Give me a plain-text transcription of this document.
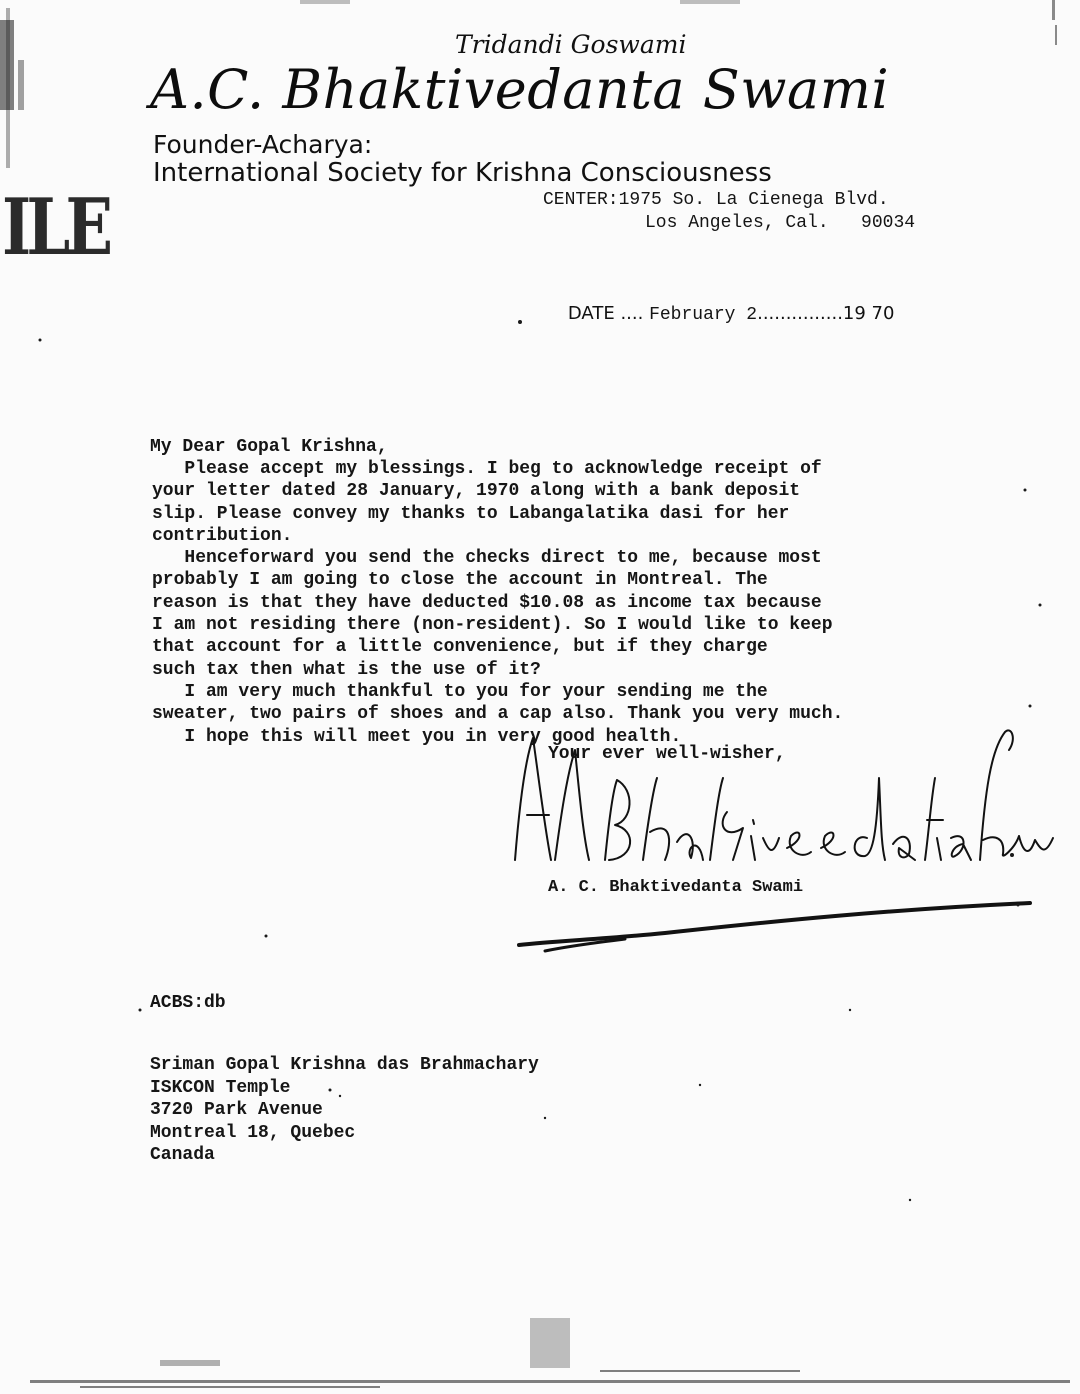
ILE
Tridandi Goswami
A.C. Bhaktivedanta Swami
Founder-Acharya:
International Society for Krishna Consciousness
CENTER:1975 So. La Cienega Blvd.
Los Angeles, Cal.   90034

DATE .... February 2...............19 70

My Dear Gopal Krishna,
Please accept my blessings. I beg to acknowledge receipt of
your letter dated 28 January, 1970 along with a bank deposit
slip. Please convey my thanks to Labangalatika dasi for her
contribution.
Henceforward you send the checks direct to me, because most
probably I am going to close the account in Montreal. The
reason is that they have deducted $10.08 as income tax because
I am not residing there (non-resident). So I would like to keep
that account for a little convenience, but if they charge
such tax then what is the use of it?
I am very much thankful to you for your sending me the
sweater, two pairs of shoes and a cap also. Thank you very much.
I hope this will meet you in very good health.
Your ever well-wisher,
A. C. Bhaktivedanta Swami
ACBS:db
Sriman Gopal Krishna das Brahmachary
ISKCON Temple
3720 Park Avenue
Montreal 18, Quebec
Canada
